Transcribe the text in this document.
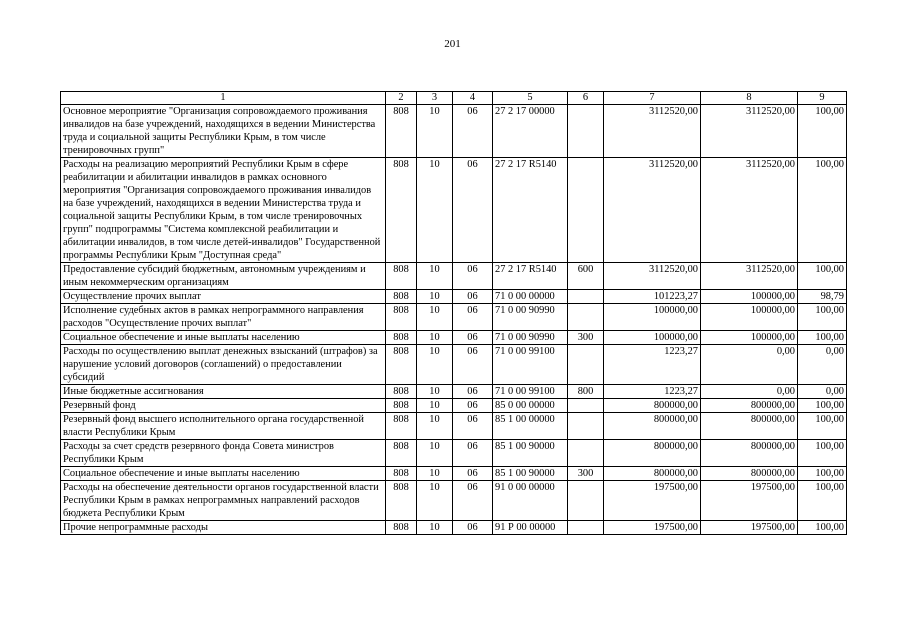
201
1	2	3	4	5	6	7	8	9
Основное мероприятие "Организация сопровождаемого проживания инвалидов на базе учреждений, находящихся в ведении Министерства труда и социальной защиты Республики Крым, в том числе тренировочных групп"	808	10	06	27 2 17 00000		3112520,00	3112520,00	100,00
Расходы на реализацию мероприятий Республики Крым в сфере реабилитации и абилитации инвалидов в рамках основного мероприятия "Организация сопровождаемого проживания инвалидов на базе учреждений, находящихся в ведении Министерства труда и социальной защиты Республики Крым, в том числе тренировочных групп" подпрограммы "Система комплексной реабилитации и абилитации инвалидов, в том числе детей-инвалидов" Государственной программы Республики Крым "Доступная среда"	808	10	06	27 2 17 R5140		3112520,00	3112520,00	100,00
Предоставление субсидий бюджетным, автономным учреждениям и иным некоммерческим организациям	808	10	06	27 2 17 R5140	600	3112520,00	3112520,00	100,00
Осуществление прочих выплат	808	10	06	71 0 00 00000		101223,27	100000,00	98,79
Исполнение судебных актов в рамках непрограммного направления расходов "Осуществление прочих выплат"	808	10	06	71 0 00 90990		100000,00	100000,00	100,00
Социальное обеспечение и иные выплаты населению	808	10	06	71 0 00 90990	300	100000,00	100000,00	100,00
Расходы по осуществлению выплат денежных взысканий (штрафов) за нарушение условий договоров (соглашений) о предоставлении субсидий	808	10	06	71 0 00 99100		1223,27	0,00	0,00
Иные бюджетные ассигнования	808	10	06	71 0 00 99100	800	1223,27	0,00	0,00
Резервный фонд	808	10	06	85 0 00 00000		800000,00	800000,00	100,00
Резервный фонд высшего исполнительного органа государственной власти Республики Крым	808	10	06	85 1 00 00000		800000,00	800000,00	100,00
Расходы за счет средств резервного фонда Совета министров Республики Крым	808	10	06	85 1 00 90000		800000,00	800000,00	100,00
Социальное обеспечение и иные выплаты населению	808	10	06	85 1 00 90000	300	800000,00	800000,00	100,00
Расходы на обеспечение деятельности органов государственной власти Республики Крым в рамках непрограммных направлений расходов бюджета Республики Крым	808	10	06	91 0 00 00000		197500,00	197500,00	100,00
Прочие непрограммные расходы	808	10	06	91 Р 00 00000		197500,00	197500,00	100,00
